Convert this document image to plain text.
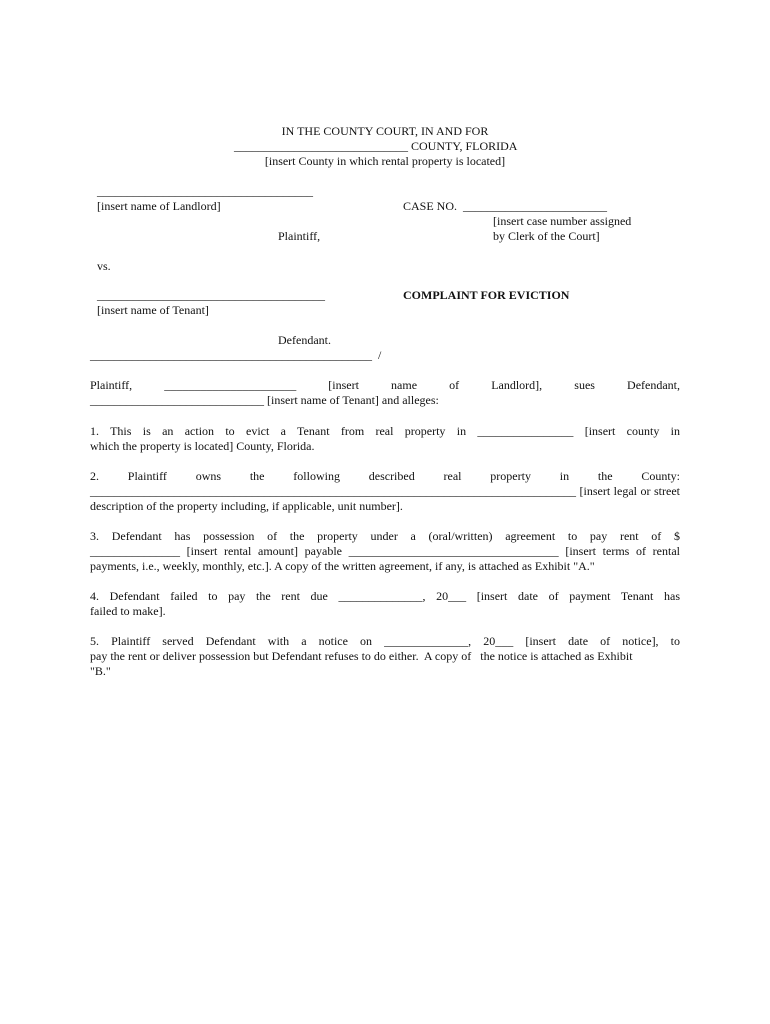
IN THE COUNTY COURT, IN AND FOR
_____________________________ COUNTY, FLORIDA
[insert County in which rental property is located]
____________________________________
[insert name of Landlord]	CASE NO.  ________________________
[insert case number assigned
Plaintiff,	by Clerk of the Court]
vs.
______________________________________	COMPLAINT FOR EVICTION
[insert name of Tenant]
Defendant.
_______________________________________________  /
Plaintiff, ______________________ [insert name of Landlord], sues Defendant,
_____________________________ [insert name of Tenant] and alleges:
1. This is an action to evict a Tenant from real property in ________________ [insert county in
which the property is located] County, Florida.
2. Plaintiff owns the following described real property in the County:
_________________________________________________________________________________ [insert legal or street
description of the property including, if applicable, unit number].
3. Defendant has possession of the property under a (oral/written) agreement to pay rent of $
_______________ [insert rental amount] payable ___________________________________ [insert terms of rental
payments, i.e., weekly, monthly, etc.]. A copy of the written agreement, if any, is attached as Exhibit "A."
4. Defendant failed to pay the rent due ______________, 20___ [insert date of payment Tenant has
failed to make].
5. Plaintiff served Defendant with a notice on ______________, 20___ [insert date of notice], to
pay the rent or deliver possession but Defendant refuses to do either.  A copy of   the notice is attached as Exhibit
"B."
